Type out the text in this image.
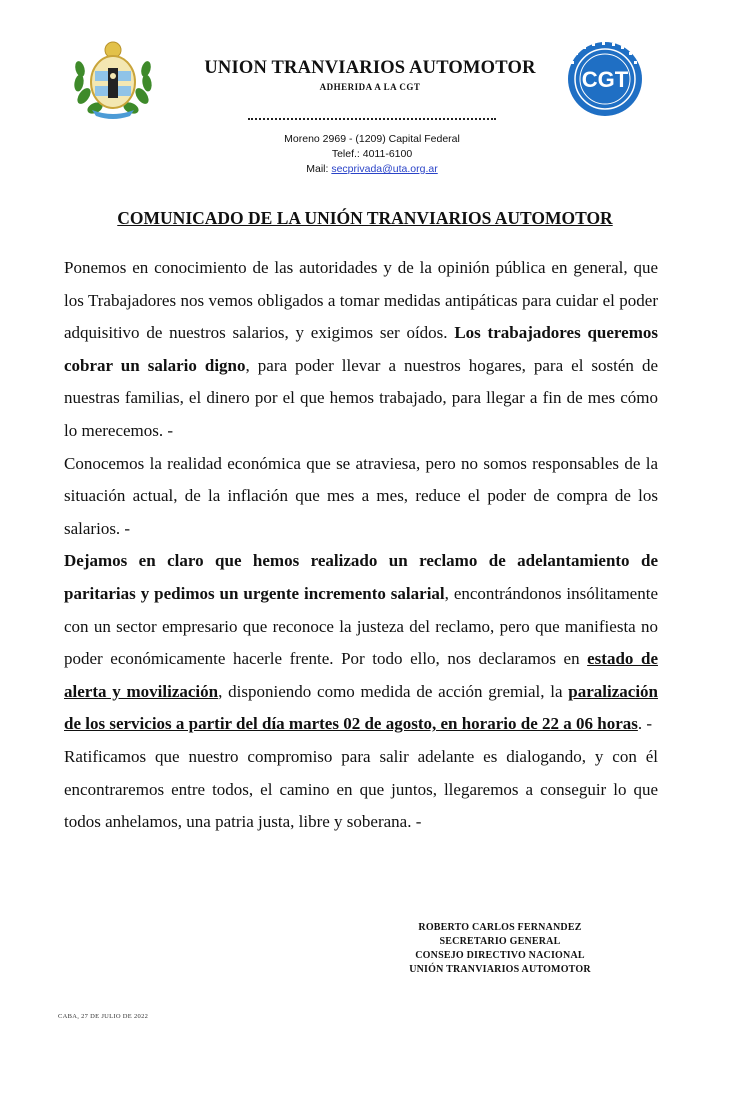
CGT
UNION TRANVIARIOS AUTOMOTOR
ADHERIDA A LA CGT
Moreno 2969 - (1209) Capital Federal
Telef.: 4011-6100
Mail: secprivada@uta.org.ar
COMUNICADO DE LA UNIÓN TRANVIARIOS AUTOMOTOR

Ponemos en conocimiento de las autoridades y de la opinión pública en general, que los Trabajadores nos vemos obligados a tomar medidas antipáticas para cuidar el poder adquisitivo de nuestros salarios, y exigimos ser oídos. Los trabajadores queremos cobrar un salario digno, para poder llevar a nuestros hogares, para el sostén de nuestras familias, el dinero por el que hemos trabajado, para llegar a fin de mes cómo lo merecemos. -

Conocemos la realidad económica que se atraviesa, pero no somos responsables de la situación actual, de la inflación que mes a mes, reduce el poder de compra de los salarios. -

Dejamos en claro que hemos realizado un reclamo de adelantamiento de paritarias y pedimos un urgente incremento salarial, encontrándonos insólitamente con un sector empresario que reconoce la justeza del reclamo, pero que manifiesta no poder económicamente hacerle frente. Por todo ello, nos declaramos en estado de alerta y movilización, disponiendo como medida de acción gremial, la paralización de los servicios a partir del día martes 02 de agosto, en horario de 22 a 06 horas. -

Ratificamos que nuestro compromiso para salir adelante es dialogando, y con él encontraremos entre todos, el camino en que juntos, llegaremos a conseguir lo que todos anhelamos, una patria justa, libre y soberana. -

ROBERTO CARLOS FERNANDEZ
SECRETARIO GENERAL
CONSEJO DIRECTIVO NACIONAL
UNIÓN TRANVIARIOS AUTOMOTOR
CABA, 27 DE JULIO DE 2022
